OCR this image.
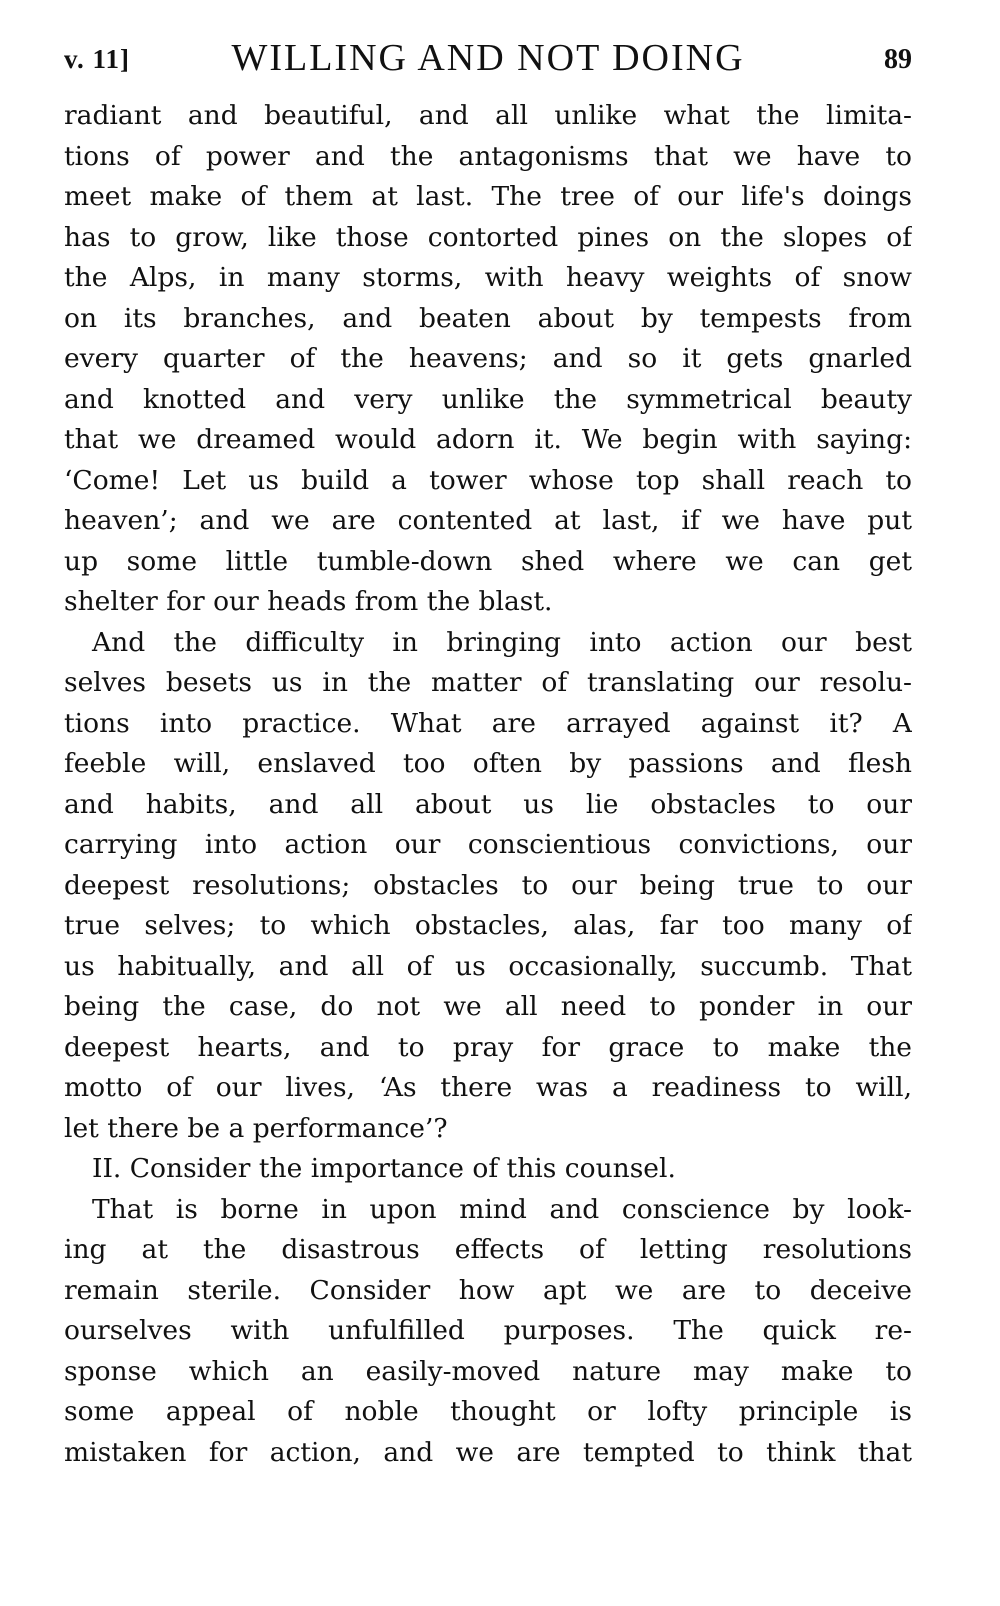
v. 11]	WILLING AND NOT DOING	89
radiant and beautiful, and all unlike what the limita-
tions of power and the antagonisms that we have to
meet make of them at last. The tree of our life's doings
has to grow, like those contorted pines on the slopes of
the Alps, in many storms, with heavy weights of snow
on its branches, and beaten about by tempests from
every quarter of the heavens; and so it gets gnarled
and knotted and very unlike the symmetrical beauty
that we dreamed would adorn it. We begin with saying:
‘Come! Let us build a tower whose top shall reach to
heaven’; and we are contented at last, if we have put
up some little tumble-down shed where we can get
shelter for our heads from the blast.
And the difficulty in bringing into action our best
selves besets us in the matter of translating our resolu-
tions into practice. What are arrayed against it? A
feeble will, enslaved too often by passions and flesh
and habits, and all about us lie obstacles to our
carrying into action our conscientious convictions, our
deepest resolutions; obstacles to our being true to our
true selves; to which obstacles, alas, far too many of
us habitually, and all of us occasionally, succumb. That
being the case, do not we all need to ponder in our
deepest hearts, and to pray for grace to make the
motto of our lives, ‘As there was a readiness to will,
let there be a performance’?
II. Consider the importance of this counsel.
That is borne in upon mind and conscience by look-
ing at the disastrous effects of letting resolutions
remain sterile. Consider how apt we are to deceive
ourselves with unfulfilled purposes. The quick re-
sponse which an easily-moved nature may make to
some appeal of noble thought or lofty principle is
mistaken for action, and we are tempted to think that
